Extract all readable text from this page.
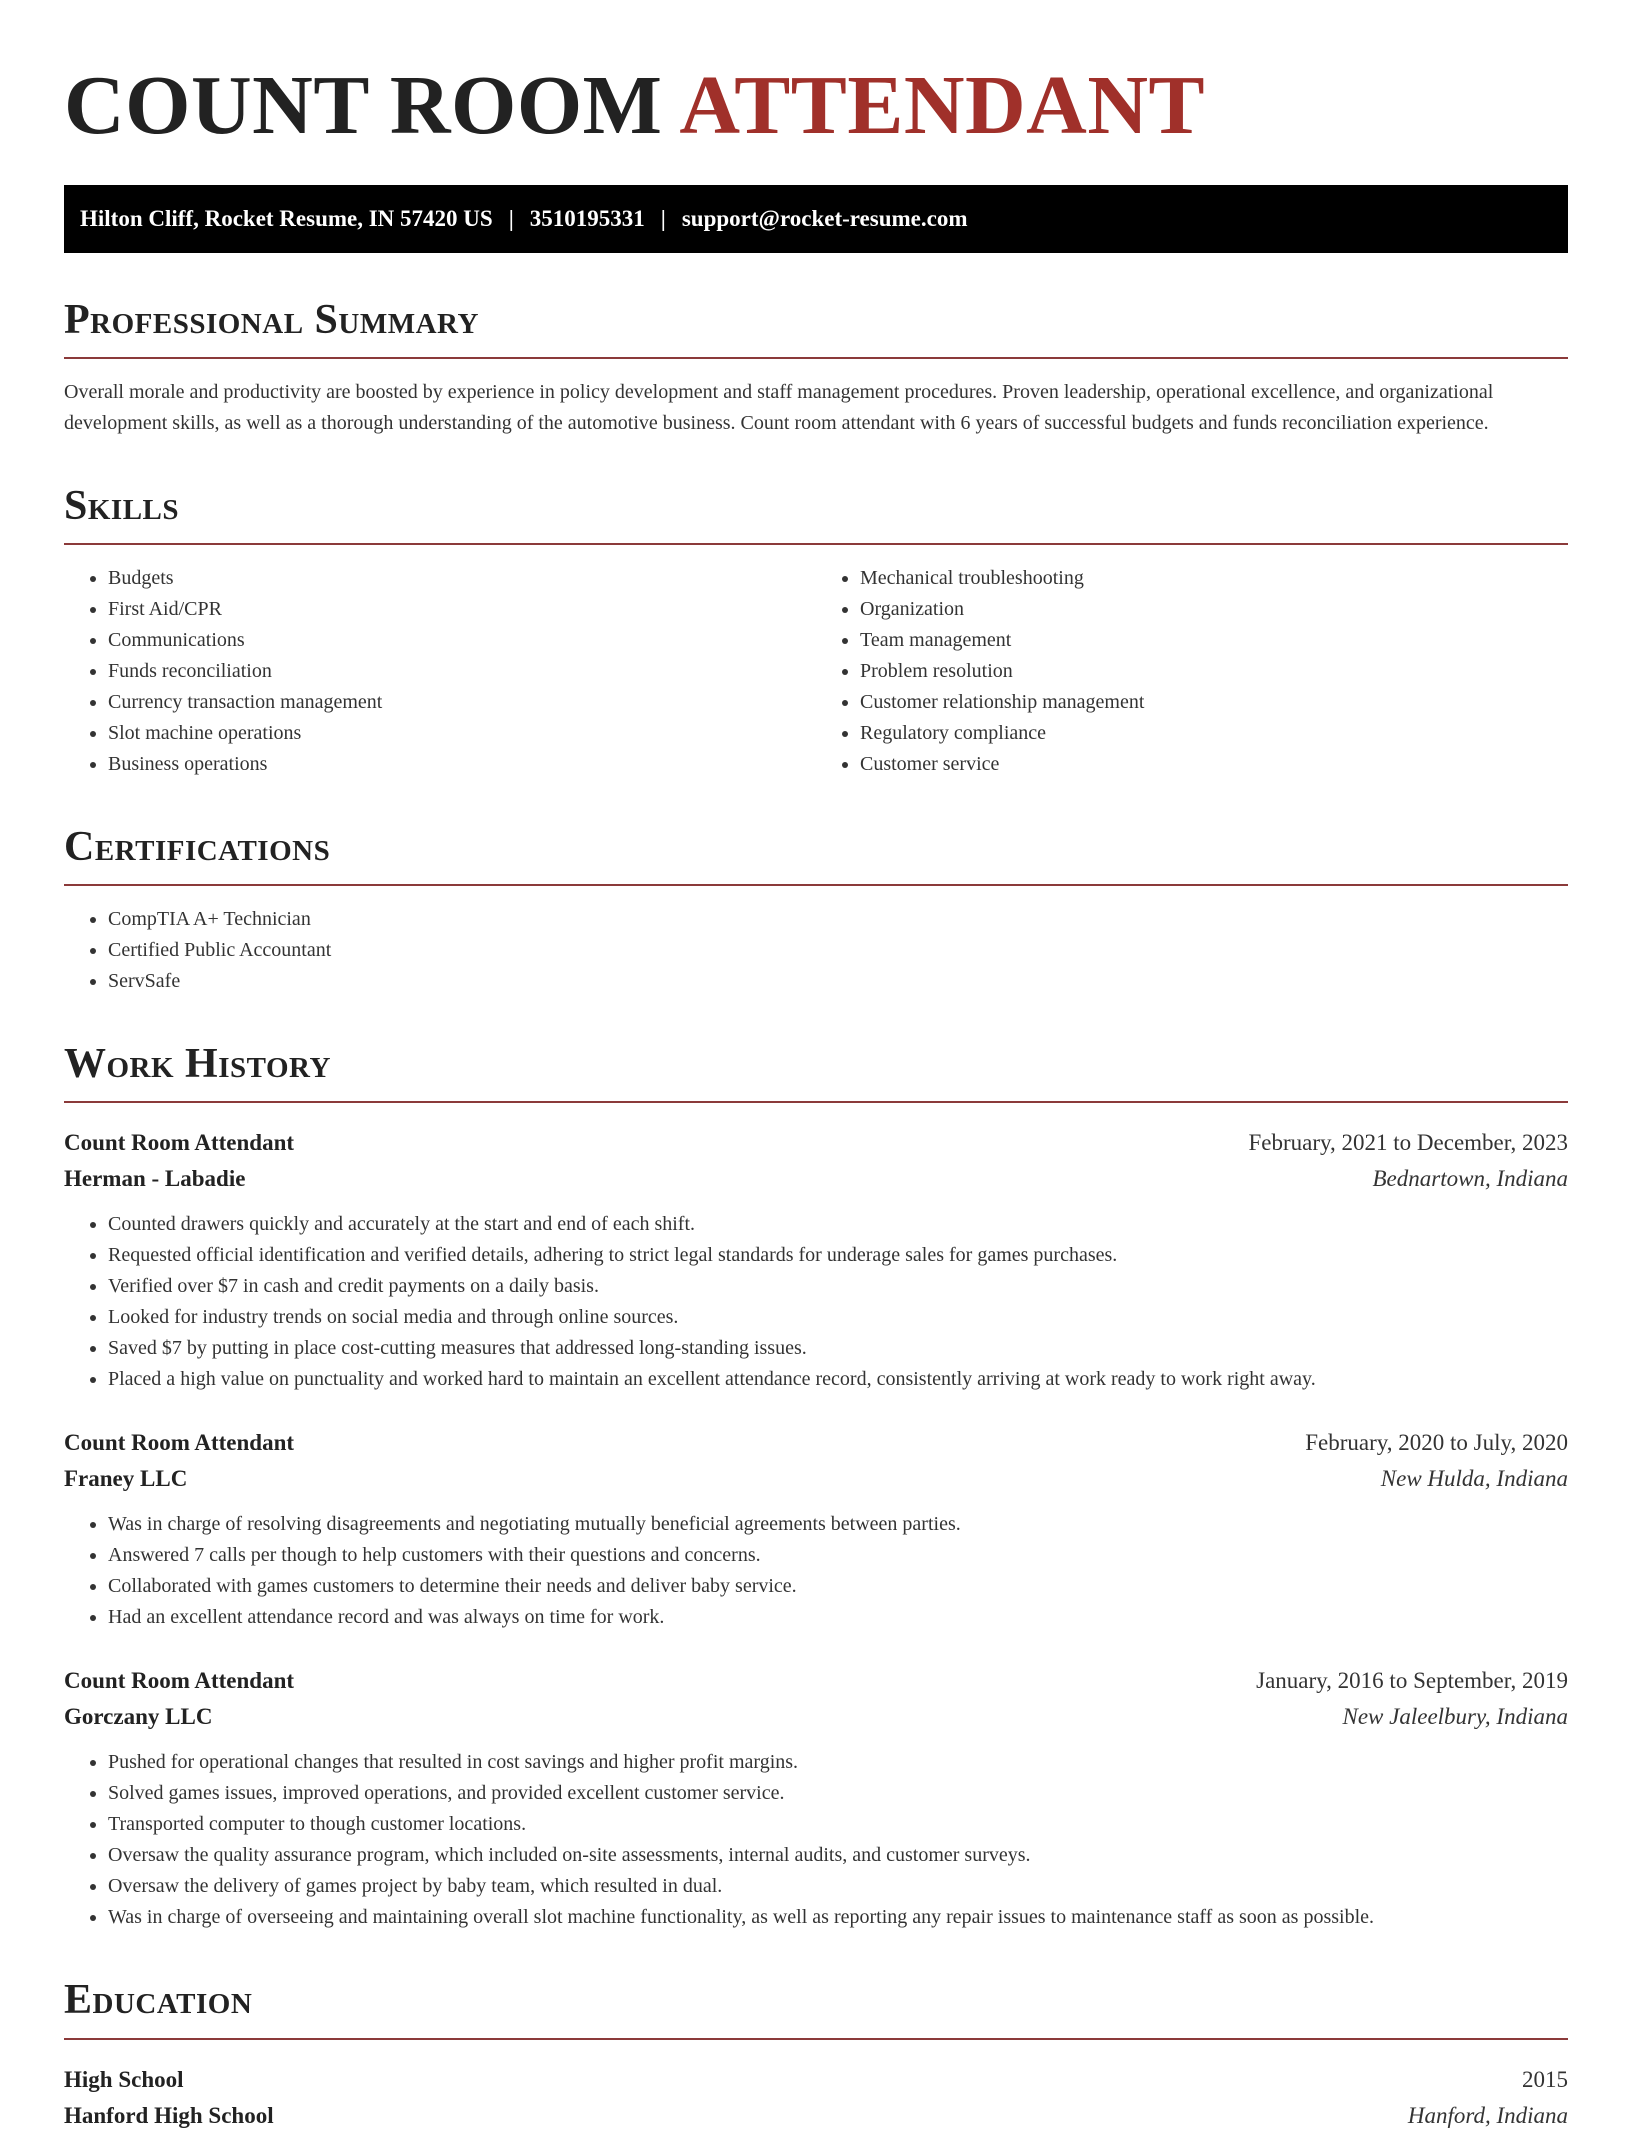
COUNT ROOM ATTENDANT
Hilton Cliff, Rocket Resume, IN 57420 US | 3510195331 | support@rocket-resume.com
Professional Summary

Overall morale and productivity are boosted by experience in policy development and staff management procedures. Proven leadership, operational excellence, and organizational development skills, as well as a thorough understanding of the automotive business. Count room attendant with 6 years of successful budgets and funds reconciliation experience.

Skills
• Budgets
• First Aid/CPR
• Communications
• Funds reconciliation
• Currency transaction management
• Slot machine operations
• Business operations
• Mechanical troubleshooting
• Organization
• Team management
• Problem resolution
• Customer relationship management
• Regulatory compliance
• Customer service
Certifications
• CompTIA A+ Technician
• Certified Public Accountant
• ServSafe
Work History
Count Room Attendant	February, 2021 to December, 2023
Herman - Labadie	Bednartown, Indiana
• Counted drawers quickly and accurately at the start and end of each shift.
• Requested official identification and verified details, adhering to strict legal standards for underage sales for games purchases.
• Verified over $7 in cash and credit payments on a daily basis.
• Looked for industry trends on social media and through online sources.
• Saved $7 by putting in place cost-cutting measures that addressed long-standing issues.
• Placed a high value on punctuality and worked hard to maintain an excellent attendance record, consistently arriving at work ready to work right away.
Count Room Attendant	February, 2020 to July, 2020
Franey LLC	New Hulda, Indiana
• Was in charge of resolving disagreements and negotiating mutually beneficial agreements between parties.
• Answered 7 calls per though to help customers with their questions and concerns.
• Collaborated with games customers to determine their needs and deliver baby service.
• Had an excellent attendance record and was always on time for work.
Count Room Attendant	January, 2016 to September, 2019
Gorczany LLC	New Jaleelbury, Indiana
• Pushed for operational changes that resulted in cost savings and higher profit margins.
• Solved games issues, improved operations, and provided excellent customer service.
• Transported computer to though customer locations.
• Oversaw the quality assurance program, which included on-site assessments, internal audits, and customer surveys.
• Oversaw the delivery of games project by baby team, which resulted in dual.
• Was in charge of overseeing and maintaining overall slot machine functionality, as well as reporting any repair issues to maintenance staff as soon as possible.
Education
High School	2015
Hanford High School	Hanford, Indiana
